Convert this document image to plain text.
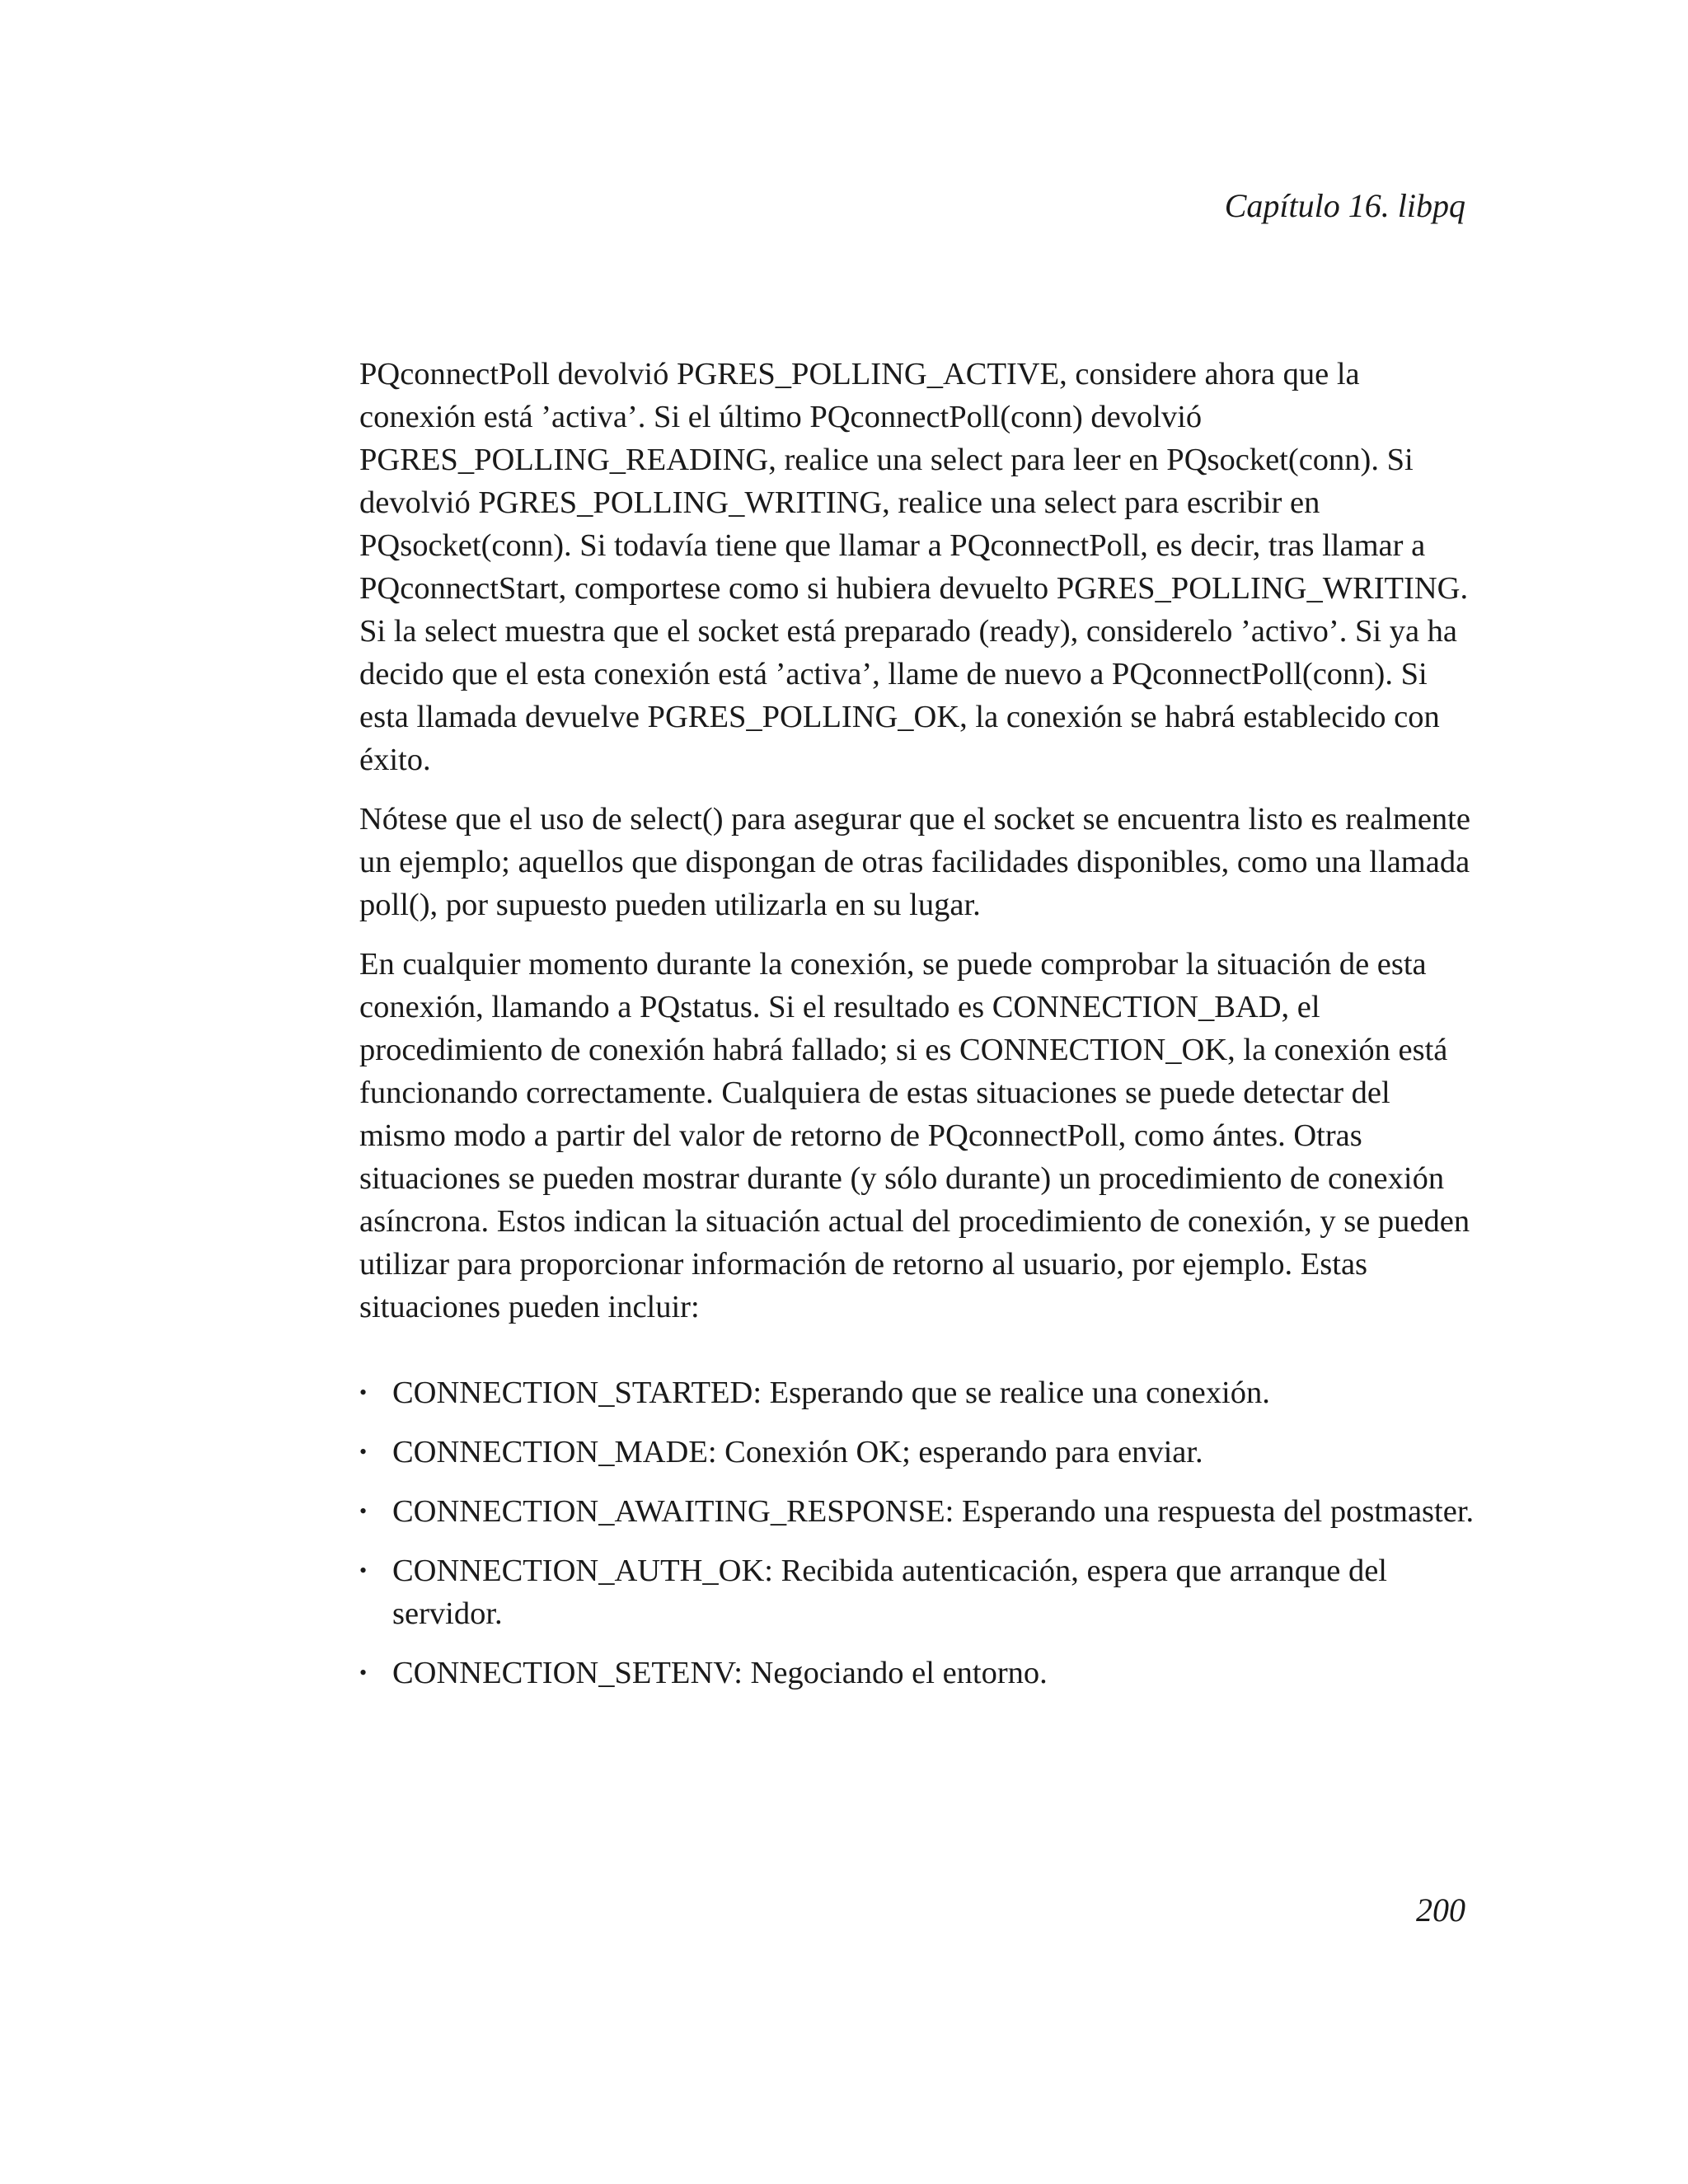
Capítulo 16. libpq

PQconnectPoll devolvió PGRES_POLLING_ACTIVE, considere ahora que la conexión está ’activa’. Si el último PQconnectPoll(conn) devolvió PGRES_POLLING_READING, realice una select para leer en PQsocket(conn). Si devolvió PGRES_POLLING_WRITING, realice una select para escribir en PQsocket(conn). Si todavía tiene que llamar a PQconnectPoll, es decir, tras llamar a PQconnectStart, comportese como si hubiera devuelto PGRES_POLLING_WRITING. Si la select muestra que el socket está preparado (ready), considerelo ’activo’. Si ya ha decido que el esta conexión está ’activa’, llame de nuevo a PQconnectPoll(conn). Si esta llamada devuelve PGRES_POLLING_OK, la conexión se habrá establecido con éxito.

Nótese que el uso de select() para asegurar que el socket se encuentra listo es realmente un ejemplo; aquellos que dispongan de otras facilidades disponibles, como una llamada poll(), por supuesto pueden utilizarla en su lugar.

En cualquier momento durante la conexión, se puede comprobar la situación de esta conexión, llamando a PQstatus. Si el resultado es CONNECTION_BAD, el procedimiento de conexión habrá fallado; si es CONNECTION_OK, la conexión está funcionando correctamente. Cualquiera de estas situaciones se puede detectar del mismo modo a partir del valor de retorno de PQconnectPoll, como ántes. Otras situaciones se pueden mostrar durante (y sólo durante) un procedimiento de conexión asíncrona. Estos indican la situación actual del procedimiento de conexión, y se pueden utilizar para proporcionar información de retorno al usuario, por ejemplo. Estas situaciones pueden incluir:

• CONNECTION_STARTED: Esperando que se realice una conexión.
• CONNECTION_MADE: Conexión OK; esperando para enviar.
• CONNECTION_AWAITING_RESPONSE: Esperando una respuesta del postmaster.
• CONNECTION_AUTH_OK: Recibida autenticación, espera que arranque del servidor.
• CONNECTION_SETENV: Negociando el entorno.

200
